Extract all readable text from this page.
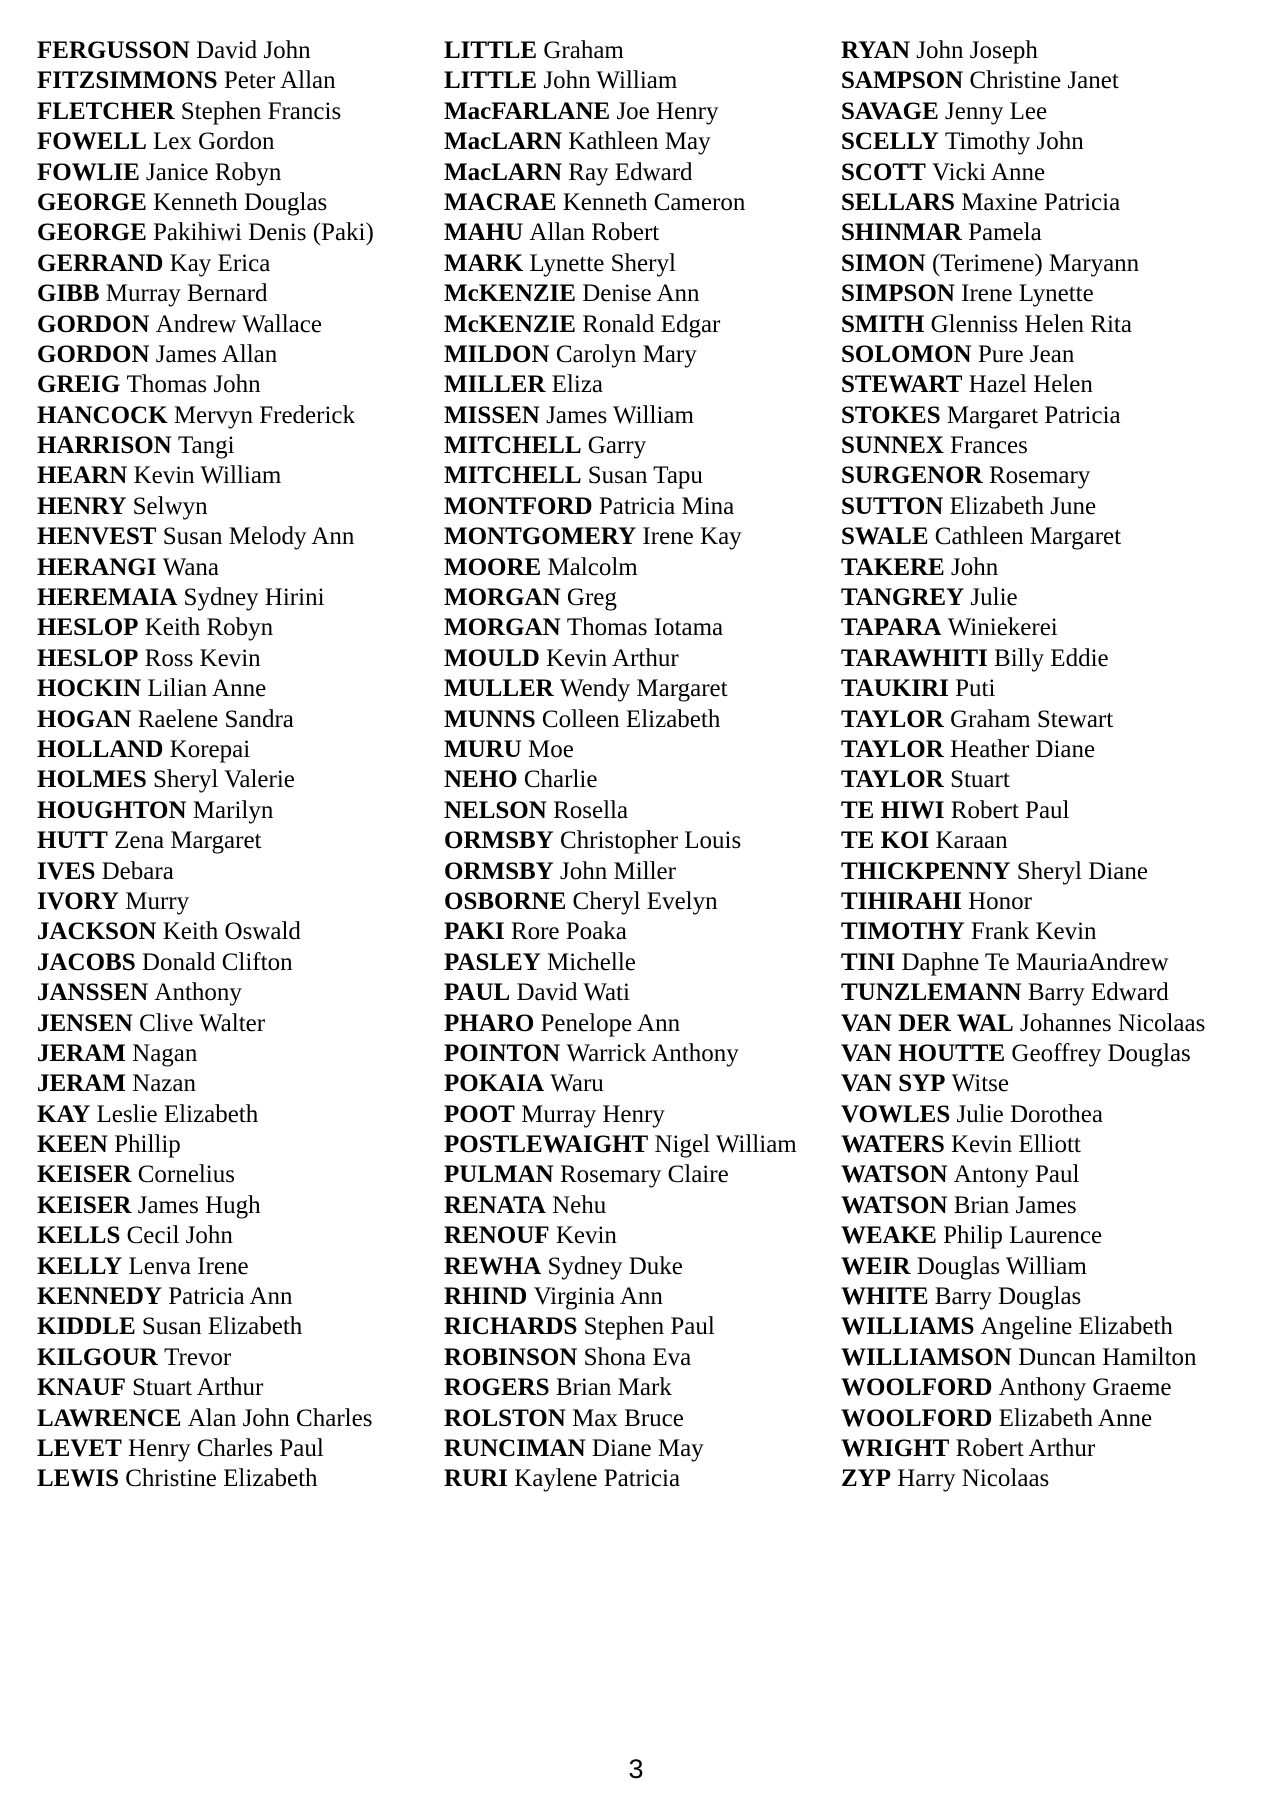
FERGUSSON David John
FITZSIMMONS Peter Allan
FLETCHER Stephen Francis
FOWELL Lex Gordon
FOWLIE Janice Robyn
GEORGE Kenneth Douglas
GEORGE Pakihiwi Denis (Paki)
GERRAND Kay Erica
GIBB Murray Bernard
GORDON Andrew Wallace
GORDON James Allan
GREIG Thomas John
HANCOCK Mervyn Frederick
HARRISON Tangi
HEARN Kevin William
HENRY Selwyn
HENVEST Susan Melody Ann
HERANGI Wana
HEREMAIA Sydney Hirini
HESLOP Keith Robyn
HESLOP Ross Kevin
HOCKIN Lilian Anne
HOGAN Raelene Sandra
HOLLAND Korepai
HOLMES Sheryl Valerie
HOUGHTON Marilyn
HUTT Zena Margaret
IVES Debara
IVORY Murry
JACKSON Keith Oswald
JACOBS Donald Clifton
JANSSEN Anthony
JENSEN Clive Walter
JERAM Nagan
JERAM Nazan
KAY Leslie Elizabeth
KEEN Phillip
KEISER Cornelius
KEISER James Hugh
KELLS Cecil John
KELLY Lenva Irene
KENNEDY Patricia Ann
KIDDLE Susan Elizabeth
KILGOUR Trevor
KNAUF Stuart Arthur
LAWRENCE Alan John Charles
LEVET Henry Charles Paul
LEWIS Christine Elizabeth
LITTLE Graham
LITTLE John William
MacFARLANE Joe Henry
MacLARN Kathleen May
MacLARN Ray Edward
MACRAE Kenneth Cameron
MAHU Allan Robert
MARK Lynette Sheryl
McKENZIE Denise Ann
McKENZIE Ronald Edgar
MILDON Carolyn Mary
MILLER Eliza
MISSEN James William
MITCHELL Garry
MITCHELL Susan Tapu
MONTFORD Patricia Mina
MONTGOMERY Irene Kay
MOORE Malcolm
MORGAN Greg
MORGAN Thomas Iotama
MOULD Kevin Arthur
MULLER Wendy Margaret
MUNNS Colleen Elizabeth
MURU Moe
NEHO Charlie
NELSON Rosella
ORMSBY Christopher Louis
ORMSBY John Miller
OSBORNE Cheryl Evelyn
PAKI Rore Poaka
PASLEY Michelle
PAUL David Wati
PHARO Penelope Ann
POINTON Warrick Anthony
POKAIA Waru
POOT Murray Henry
POSTLEWAIGHT Nigel William
PULMAN Rosemary Claire
RENATA Nehu
RENOUF Kevin
REWHA Sydney Duke
RHIND Virginia Ann
RICHARDS Stephen Paul
ROBINSON Shona Eva
ROGERS Brian Mark
ROLSTON Max Bruce
RUNCIMAN Diane May
RURI Kaylene Patricia
RYAN John Joseph
SAMPSON Christine Janet
SAVAGE Jenny Lee
SCELLY Timothy John
SCOTT Vicki Anne
SELLARS Maxine Patricia
SHINMAR Pamela
SIMON (Terimene) Maryann
SIMPSON Irene Lynette
SMITH Glenniss Helen Rita
SOLOMON Pure Jean
STEWART Hazel Helen
STOKES Margaret Patricia
SUNNEX Frances
SURGENOR Rosemary
SUTTON Elizabeth June
SWALE Cathleen Margaret
TAKERE John
TANGREY Julie
TAPARA Winiekerei
TARAWHITI Billy Eddie
TAUKIRI Puti
TAYLOR Graham Stewart
TAYLOR Heather Diane
TAYLOR Stuart
TE HIWI Robert Paul
TE KOI Karaan
THICKPENNY Sheryl Diane
TIHIRAHI Honor
TIMOTHY Frank Kevin
TINI Daphne Te MauriaAndrew
TUNZLEMANN Barry Edward
VAN DER WAL Johannes Nicolaas
VAN HOUTTE Geoffrey Douglas
VAN SYP Witse
VOWLES Julie Dorothea
WATERS Kevin Elliott
WATSON Antony Paul
WATSON Brian James
WEAKE Philip Laurence
WEIR Douglas William
WHITE Barry Douglas
WILLIAMS Angeline Elizabeth
WILLIAMSON Duncan Hamilton
WOOLFORD Anthony Graeme
WOOLFORD Elizabeth Anne
WRIGHT Robert Arthur
ZYP Harry Nicolaas
3
